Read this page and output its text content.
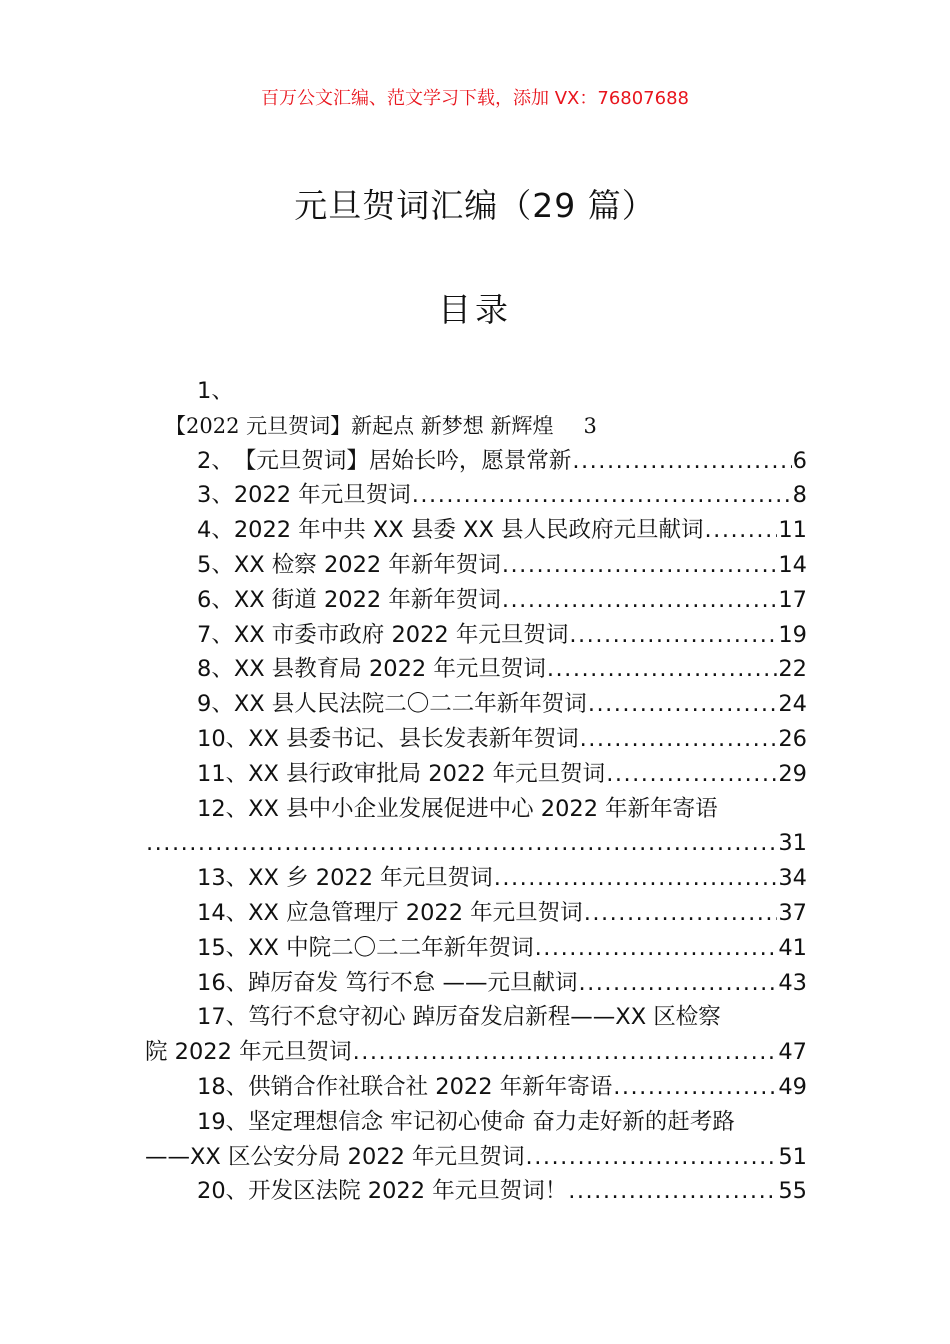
百万公文汇编、范文学习下载，添加 VX：76807688
元旦贺词汇编（29 篇）
目录
1、
【2022 元旦贺词】新起点 新梦想 新辉煌 3
2、 【元旦贺词】居始长吟，愿景常新 .....	6
3、 2022 年元旦贺词 .....	8
4、 2022 年中共 XX 县委 XX 县人民政府元旦献词 .....	11
5、 XX 检察 2022 年新年贺词 .....	14
6、 XX 街道 2022 年新年贺词 .....	17
7、 XX 市委市政府 2022 年元旦贺词 .....	19
8、 XX 县教育局 2022 年元旦贺词 .....	22
9、 XX 县人民法院二〇二二年新年贺词 .....	24
10、 XX 县委书记、县长发表新年贺词 .....	26
11、 XX 县行政审批局 2022 年元旦贺词 .....	29
12、XX 县中小企业发展促进中心 2022 年新年寄语
.....
31
13、 XX 乡 2022 年元旦贺词 .....	34
14、 XX 应急管理厅 2022 年元旦贺词 .....	37
15、 XX 中院二〇二二年新年贺词 .....	41
16、 踔厉奋发 笃行不怠 ——元旦献词 .....	43
17、笃行不怠守初心 踔厉奋发启新程——XX 区检察
院 2022 年元旦贺词 .....	47
18、 供销合作社联合社 2022 年新年寄语 .....	49
19、坚定理想信念 牢记初心使命 奋力走好新的赶考路
——XX 区公安分局 2022 年元旦贺词 .....	51
20、 开发区法院 2022 年元旦贺词！ .....	55
